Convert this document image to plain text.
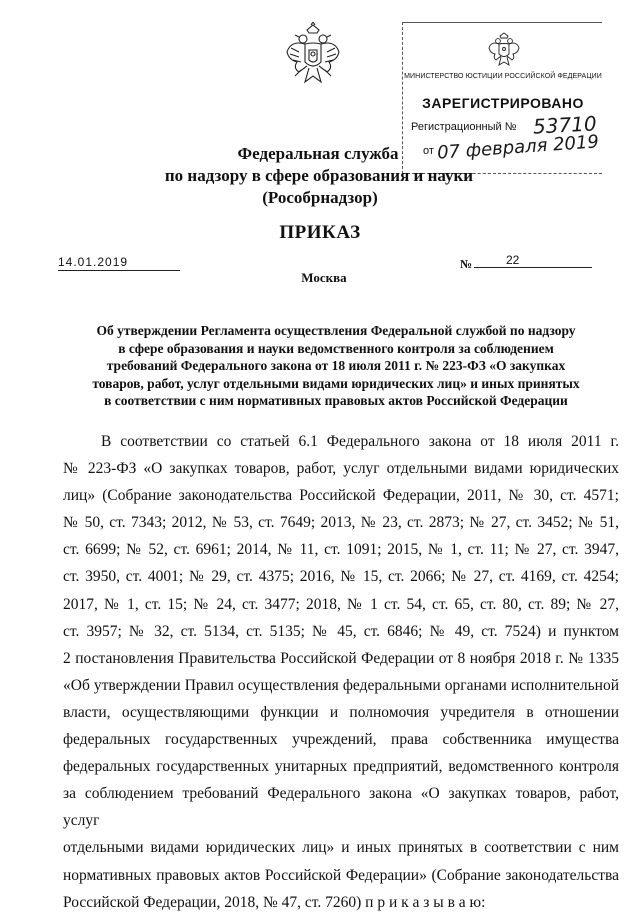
МИНИСТЕРСТВО ЮСТИЦИИ РОССИЙСКОЙ ФЕДЕРАЦИИ
ЗАРЕГИСТРИРОВАНО
Регистрационный № 53710
от 07 февраля 2019
Федеральная служба
по надзору в сфере образования и науки
(Рособрнадзор)
ПРИКАЗ
14.01.2019	№	22
Москва
Об утверждении Регламента осуществления Федеральной службой по надзору
в сфере образования и науки ведомственного контроля за соблюдением
требований Федерального закона от 18 июля 2011 г. № 223-ФЗ «О закупках
товаров, работ, услуг отдельными видами юридических лиц» и иных принятых
в соответствии с ним нормативных правовых актов Российской Федерации
В соответствии со статьей 6.1 Федерального закона от 18 июля 2011 г.
№ 223-ФЗ «О закупках товаров, работ, услуг отдельными видами юридических
лиц» (Собрание законодательства Российской Федерации, 2011, № 30, ст. 4571;
№ 50, ст. 7343; 2012, № 53, ст. 7649; 2013, № 23, ст. 2873; № 27, ст. 3452; № 51,
ст. 6699; № 52, ст. 6961; 2014, № 11, ст. 1091; 2015, № 1, ст. 11; № 27, ст. 3947,
ст. 3950, ст. 4001; № 29, ст. 4375; 2016, № 15, ст. 2066; № 27, ст. 4169, ст. 4254;
2017, № 1, ст. 15; № 24, ст. 3477; 2018, № 1 ст. 54, ст. 65, ст. 80, ст. 89; № 27,
ст. 3957; № 32, ст. 5134, ст. 5135; № 45, ст. 6846; № 49, ст. 7524) и пунктом
2 постановления Правительства Российской Федерации от 8 ноября 2018 г. № 1335
«Об утверждении Правил осуществления федеральными органами исполнительной
власти, осуществляющими функции и полномочия учредителя в отношении
федеральных государственных учреждений, права собственника имущества
федеральных государственных унитарных предприятий, ведомственного контроля
за соблюдением требований Федерального закона «О закупках товаров, работ, услуг
отдельными видами юридических лиц» и иных принятых в соответствии с ним
нормативных правовых актов Российской Федерации» (Собрание законодательства
Российской Федерации, 2018, № 47, ст. 7260) п р и к а з ы в а ю:
